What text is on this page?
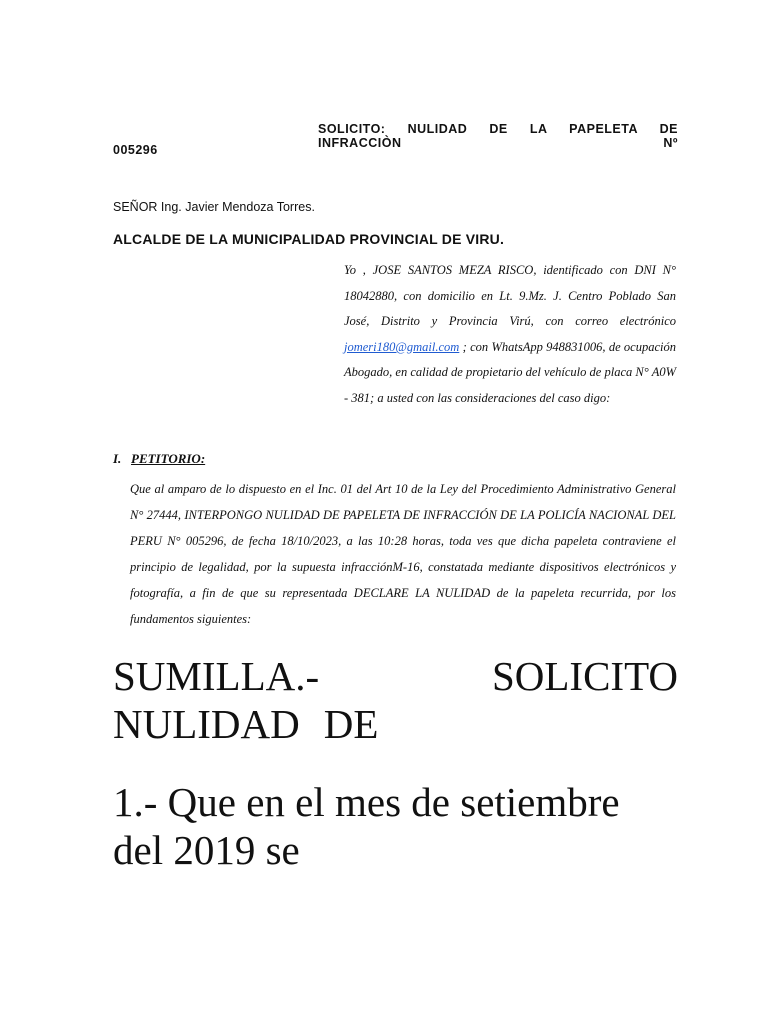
SOLICITO: NULIDAD DE LA PAPELETA DE INFRACCIÒN Nº
005296
SEÑOR Ing. Javier Mendoza Torres.
ALCALDE DE LA MUNICIPALIDAD PROVINCIAL DE VIRU.
Yo , JOSE SANTOS MEZA RISCO, identificado con DNI N° 18042880, con domicilio en Lt. 9.Mz. J. Centro Poblado San José, Distrito y Provincia Virú, con correo electrónico jomeri180@gmail.com ; con WhatsApp 948831006, de ocupación Abogado, en calidad de propietario del vehículo de placa N° A0W - 381; a usted con las consideraciones del caso digo:
I. PETITORIO:
Que al amparo de lo dispuesto en el Inc. 01 del Art 10 de la Ley del Procedimiento Administrativo General N° 27444, INTERPONGO NULIDAD DE PAPELETA DE INFRACCIÓN DE LA POLICÍA NACIONAL DEL PERU N° 005296, de fecha 18/10/2023, a las 10:28 horas, toda ves que dicha papeleta contraviene el principio de legalidad, por la supuesta infracciónM-16, constatada mediante dispositivos electrónicos y fotografía, a fin de que su representada DECLARE LA NULIDAD de la papeleta recurrida, por los fundamentos siguientes:
SUMILLA.-	SOLICITO
NULIDAD DE
1.- Que en el mes de setiembre
del 2019 se
